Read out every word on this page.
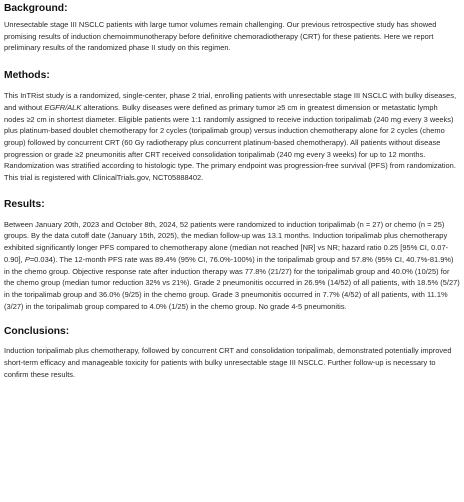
Background:

Unresectable stage III NSCLC patients with large tumor volumes remain challenging. Our previous retrospective study has showed promising results of induction chemoimmunotherapy before definitive chemoradiotherapy (CRT) for these patients. Here we report preliminary results of the randomized phase II study on this regimen.

Methods:

This InTRist study is a randomized, single-center, phase 2 trial, enrolling patients with unresectable stage III NSCLC with bulky diseases, and without EGFR/ALK alterations. Bulky diseases were defined as primary tumor ≥5 cm in greatest dimension or metastatic lymph nodes ≥2 cm in shortest diameter. Eligible patients were 1:1 randomly assigned to receive induction toripalimab (240 mg every 3 weeks) plus platinum-based doublet chemotherapy for 2 cycles (toripalimab group) versus induction chemotherapy alone for 2 cycles (chemo group) followed by concurrent CRT (60 Gy radiotherapy plus concurrent platinum-based chemotherapy). All patients without disease progression or grade ≥2 pneumonitis after CRT received consolidation toripalimab (240 mg every 3 weeks) for up to 12 months. Randomization was stratified according to histologic type. The primary endpoint was progression-free survival (PFS) from randomization. This trial is registered with ClinicalTrials.gov, NCT05888402.

Results:

Between January 20th, 2023 and October 8th, 2024, 52 patients were randomized to induction toripalimab (n = 27) or chemo (n = 25) groups. By the data cutoff date (January 15th, 2025), the median follow-up was 13.1 months. Induction toripalimab plus chemotherapy exhibited significantly longer PFS compared to chemotherapy alone (median not reached [NR] vs NR; hazard ratio 0.25 [95% CI, 0.07-0.90], P=0.034). The 12-month PFS rate was 89.4% (95% CI, 76.0%-100%) in the toripalimab group and 57.8% (95% CI, 40.7%-81.9%) in the chemo group. Objective response rate after induction therapy was 77.8% (21/27) for the toripalimab group and 40.0% (10/25) for the chemo group (median tumor reduction 32% vs 21%). Grade 2 pneumonitis occurred in 26.9% (14/52) of all patients, with 18.5% (5/27) in the toripalimab group and 36.0% (9/25) in the chemo group. Grade 3 pneumonitis occurred in 7.7% (4/52) of all patients, with 11.1% (3/27) in the toripalimab group compared to 4.0% (1/25) in the chemo group. No grade 4-5 pneumonitis.

Conclusions:

Induction toripalimab plus chemotherapy, followed by concurrent CRT and consolidation toripalimab, demonstrated potentially improved short-term efficacy and manageable toxicity for patients with bulky unresectable stage III NSCLC. Further follow-up is necessary to confirm these results.
